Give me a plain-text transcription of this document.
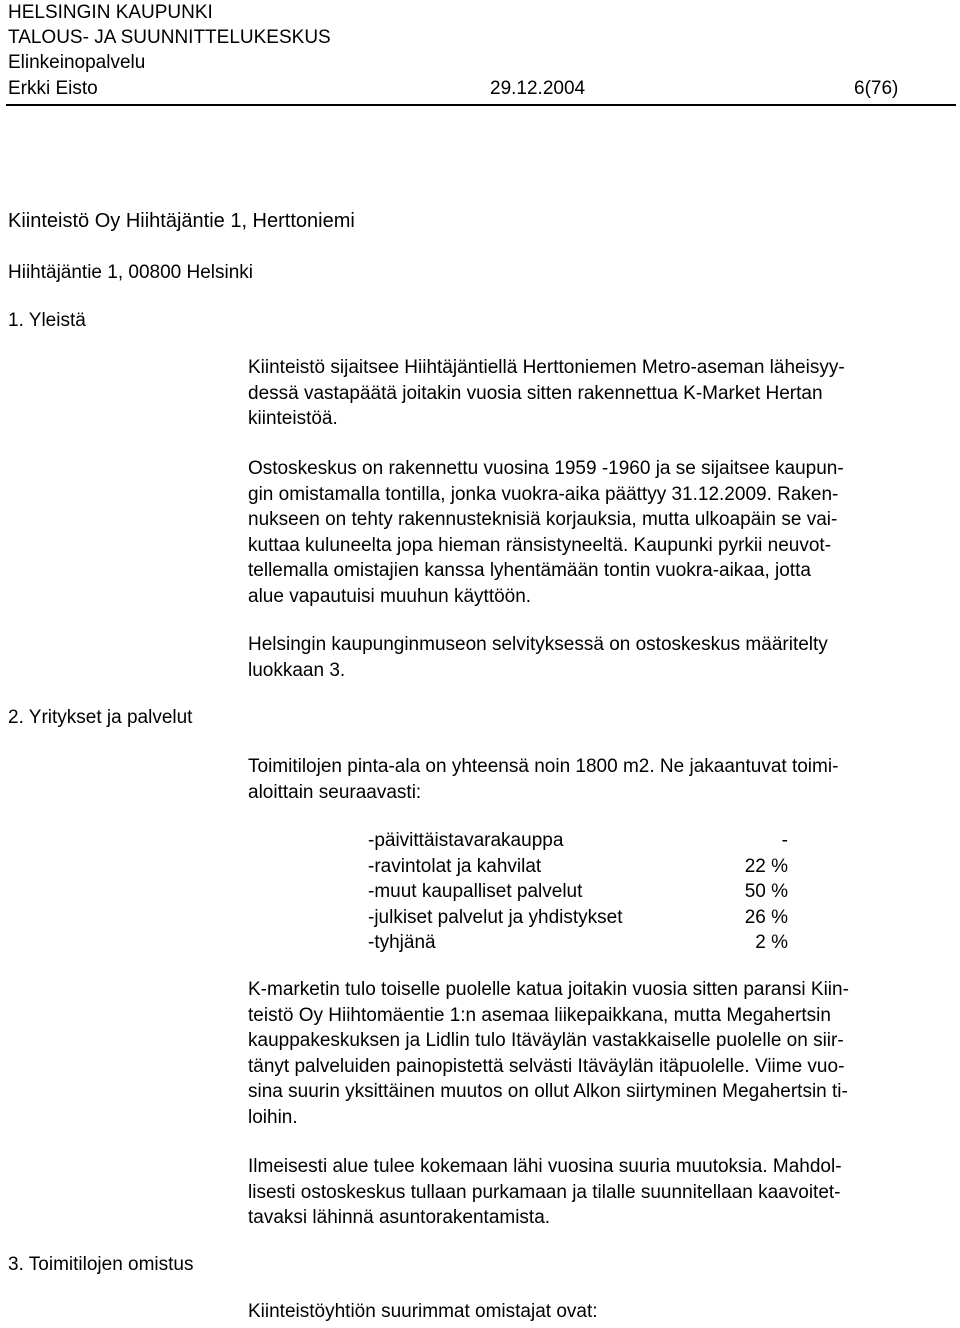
HELSINGIN KAUPUNKI
TALOUS- JA SUUNNITTELUKESKUS
Elinkeinopalvelu
Erkki Eisto	29.12.2004	6(76)
Kiinteistö Oy Hiihtäjäntie 1, Herttoniemi
Hiihtäjäntie 1, 00800 Helsinki
1. Yleistä
2. Yritykset ja palvelut
3. Toimitilojen omistus
Kiinteistö sijaitsee Hiihtäjäntiellä Herttoniemen Metro-aseman läheisyy-
dessä vastapäätä joitakin vuosia sitten rakennettua K-Market Hertan
kiinteistöä.
Ostoskeskus on rakennettu vuosina 1959 -1960 ja se sijaitsee kaupun-
gin omistamalla tontilla, jonka vuokra-aika päättyy 31.12.2009. Raken-
nukseen on tehty rakennusteknisiä korjauksia, mutta ulkoapäin se vai-
kuttaa kuluneelta jopa hieman ränsistyneeltä. Kaupunki pyrkii neuvot-
tellemalla omistajien kanssa lyhentämään tontin vuokra-aikaa, jotta
alue vapautuisi muuhun käyttöön.
Helsingin kaupunginmuseon selvityksessä on ostoskeskus määritelty
luokkaan 3.
Toimitilojen pinta-ala on yhteensä noin 1800 m2. Ne jakaantuvat toimi-
aloittain seuraavasti:
-päivittäistavarakauppa	-
-ravintolat ja kahvilat	22 %
-muut kaupalliset palvelut	50 %
-julkiset palvelut ja yhdistykset	26 %
-tyhjänä	2 %
K-marketin tulo toiselle puolelle katua joitakin vuosia sitten paransi Kiin-
teistö Oy Hiihtomäentie 1:n asemaa liikepaikkana, mutta Megahertsin
kauppakeskuksen ja Lidlin tulo Itäväylän vastakkaiselle puolelle on siir-
tänyt palveluiden painopistettä selvästi Itäväylän itäpuolelle. Viime vuo-
sina suurin yksittäinen muutos on ollut Alkon siirtyminen Megahertsin ti-
loihin.
Ilmeisesti alue tulee kokemaan lähi vuosina suuria muutoksia. Mahdol-
lisesti ostoskeskus tullaan purkamaan ja tilalle suunnitellaan kaavoitet-
tavaksi lähinnä asuntorakentamista.
Kiinteistöyhtiön suurimmat omistajat ovat:
